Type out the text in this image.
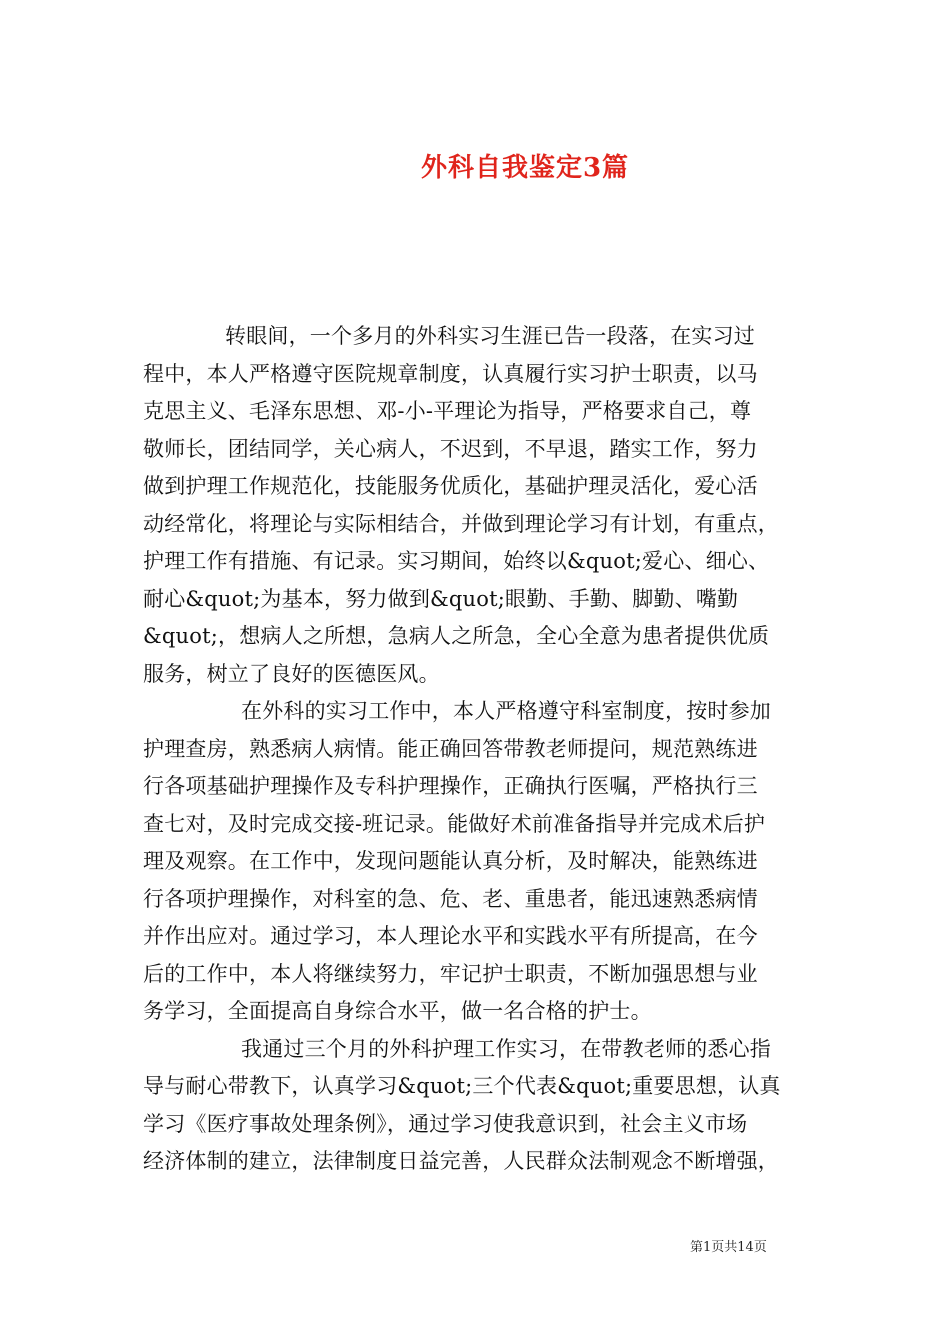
外科自我鉴定3篇

转眼间，一个多月的外科实习生涯已告一段落，在实习过
程中，本人严格遵守医院规章制度，认真履行实习护士职责，以马
克思主义、毛泽东思想、邓-小-平理论为指导，严格要求自己，尊
敬师长，团结同学，关心病人，不迟到，不早退，踏实工作，努力
做到护理工作规范化，技能服务优质化，基础护理灵活化，爱心活
动经常化，将理论与实际相结合，并做到理论学习有计划，有重点，
护理工作有措施、有记录。实习期间，始终以&quot;爱心、细心、
耐心&quot;为基本，努力做到&quot;眼勤、手勤、脚勤、嘴勤
&quot;，想病人之所想，急病人之所急，全心全意为患者提供优质
服务，树立了良好的医德医风。

在外科的实习工作中，本人严格遵守科室制度，按时参加
护理查房，熟悉病人病情。能正确回答带教老师提问，规范熟练进
行各项基础护理操作及专科护理操作，正确执行医嘱，严格执行三
查七对，及时完成交接-班记录。能做好术前准备指导并完成术后护
理及观察。在工作中，发现问题能认真分析，及时解决，能熟练进
行各项护理操作，对科室的急、危、老、重患者，能迅速熟悉病情
并作出应对。通过学习，本人理论水平和实践水平有所提高，在今
后的工作中，本人将继续努力，牢记护士职责，不断加强思想与业
务学习，全面提高自身综合水平，做一名合格的护士。

我通过三个月的外科护理工作实习，在带教老师的悉心指
导与耐心带教下，认真学习&quot;三个代表&quot;重要思想，认真
学习《医疗事故处理条例》，通过学习使我意识到，社会主义市场
经济体制的建立，法律制度日益完善，人民群众法制观念不断增强，

第1页共14页
